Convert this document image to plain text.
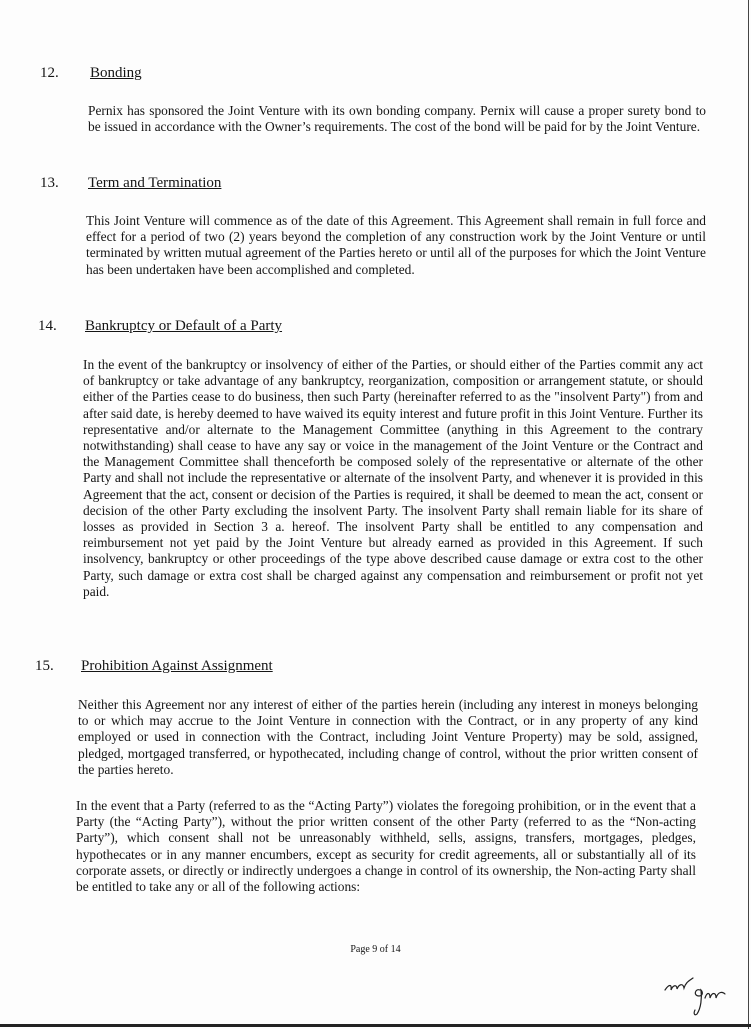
12. Bonding

Pernix has sponsored the Joint Venture with its own bonding company. Pernix will cause a proper surety bond to be issued in accordance with the Owner’s requirements. The cost of the bond will be paid for by the Joint Venture.

13. Term and Termination

This Joint Venture will commence as of the date of this Agreement. This Agreement shall remain in full force and effect for a period of two (2) years beyond the completion of any construction work by the Joint Venture or until terminated by written mutual agreement of the Parties hereto or until all of the purposes for which the Joint Venture has been undertaken have been accomplished and completed.

14. Bankruptcy or Default of a Party

In the event of the bankruptcy or insolvency of either of the Parties, or should either of the Parties commit any act of bankruptcy or take advantage of any bankruptcy, reorganization, composition or arrangement statute, or should either of the Parties cease to do business, then such Party (hereinafter referred to as the "insolvent Party") from and after said date, is hereby deemed to have waived its equity interest and future profit in this Joint Venture. Further its representative and/or alternate to the Management Committee (anything in this Agreement to the contrary notwithstanding) shall cease to have any say or voice in the management of the Joint Venture or the Contract and the Management Committee shall thenceforth be composed solely of the representative or alternate of the other Party and shall not include the representative or alternate of the insolvent Party, and whenever it is provided in this Agreement that the act, consent or decision of the Parties is required, it shall be deemed to mean the act, consent or decision of the other Party excluding the insolvent Party. The insolvent Party shall remain liable for its share of losses as provided in Section 3 a. hereof. The insolvent Party shall be entitled to any compensation and reimbursement not yet paid by the Joint Venture but already earned as provided in this Agreement. If such insolvency, bankruptcy or other proceedings of the type above described cause damage or extra cost to the other Party, such damage or extra cost shall be charged against any compensation and reimbursement or profit not yet paid.

15. Prohibition Against Assignment

Neither this Agreement nor any interest of either of the parties herein (including any interest in moneys belonging to or which may accrue to the Joint Venture in connection with the Contract, or in any property of any kind employed or used in connection with the Contract, including Joint Venture Property) may be sold, assigned, pledged, mortgaged transferred, or hypothecated, including change of control, without the prior written consent of the parties hereto.

In the event that a Party (referred to as the “Acting Party”) violates the foregoing prohibition, or in the event that a Party (the “Acting Party”), without the prior written consent of the other Party (referred to as the “Non-acting Party”), which consent shall not be unreasonably withheld, sells, assigns, transfers, mortgages, pledges, hypothecates or in any manner encumbers, except as security for credit agreements, all or substantially all of its corporate assets, or directly or indirectly undergoes a change in control of its ownership, the Non-acting Party shall be entitled to take any or all of the following actions:

Page 9 of 14
